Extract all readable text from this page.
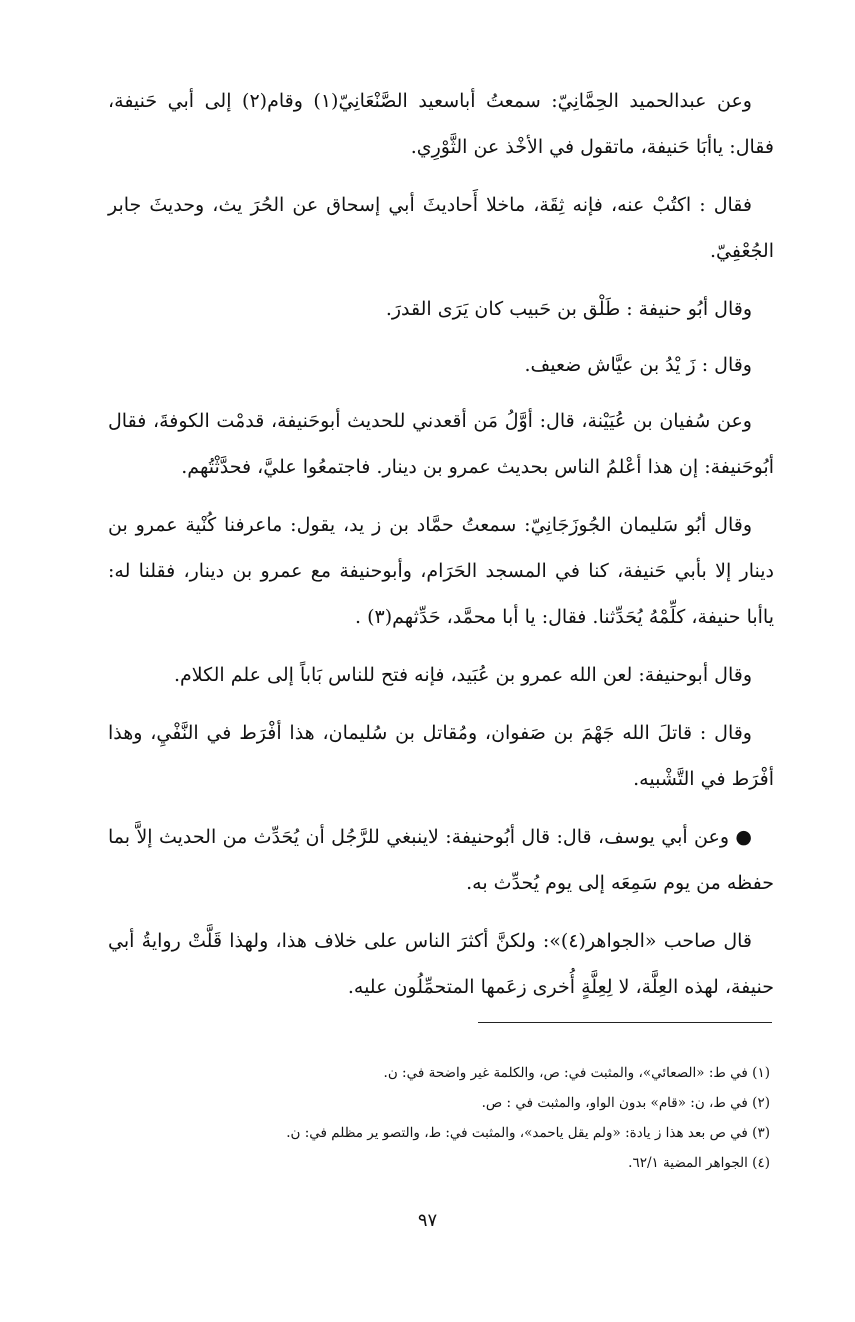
وعن عبدالحميد الحِمَّانِيّ: سمعتُ أباسعيد الصَّنْعَانِيّ(١) وقام(٢) إلى أبي حَنيفة، فقال: ياأبَا حَنيفة، ماتقول في الأخْذ عن الثَّوْرِي.

فقال : اكتُبْ عنه، فإنه ثِقَة، ماخلا أَحاديثَ أبي إسحاق عن الحُرَ يث، وحديثَ جابر الجُعْفِيّ.

وقال أبُو حنيفة : طَلْق بن حَبيب كان يَرَى القدرَ.

وقال : زَ يْدُ بن عيَّاش ضعيف.

وعن سُفيان بن عُيَيْنة، قال: أوَّلُ مَن أقعدني للحديث أبوحَنيفة، قدمْت الكوفةَ، فقال أبُوحَنيفة: إن هذا أعْلمُ الناس بحديث عمرو بن دينار. فاجتمعُوا عليَّ، فحدَّثْتُهم.

وقال أبُو سَليمان الجُوزَجَانِيّ: سمعتُ حمَّاد بن ز يد، يقول: ماعرفنا كُنْية عمرو بن دينار إلا بأبي حَنيفة، كنا في المسجد الحَرَام، وأبوحنيفة مع عمرو بن دينار، فقلنا له: ياأبا حنيفة، كلِّمْهُ يُحَدِّثنا. فقال: يا أبا محمَّد، حَدِّثهم(٣) .

وقال أبوحنيفة: لعن الله عمرو بن عُبَيد، فإنه فتح للناس بَاباً إلى علم الكلام.

وقال : قاتلَ الله جَهْمَ بن صَفوان، ومُقاتل بن سُليمان، هذا أفْرَط في النَّفْيِ، وهذا أفْرَط في التَّشْبيه.

● وعن أبي يوسف، قال: قال أبُوحنيفة: لاينبغي للرَّجُل أن يُحَدِّث من الحديث إلاَّ بما حفظه من يوم سَمِعَه إلى يوم يُحدِّث به.

قال صاحب «الجواهر(٤)»: ولكنَّ أكثرَ الناس على خلاف هذا، ولهذا قَلَّتْ روايةُ أبي حنيفة، لهذه العِلَّة، لا لِعِلَّةٍ أُخرى زعَمها المتحمِّلُون عليه.

(١) في ط: «الصعائي»، والمثبت في: ص، والكلمة غير واضحة في: ن.

(٢) في ط، ن: «قام» بدون الواو، والمثبت في : ص.

(٣) في ص بعد هذا ز يادة: «ولم يقل ياحمد»، والمثبت في: ط، والتصو ير مظلم في: ن.

(٤) الجواهر المضية ٦٢/١.

٩٧
